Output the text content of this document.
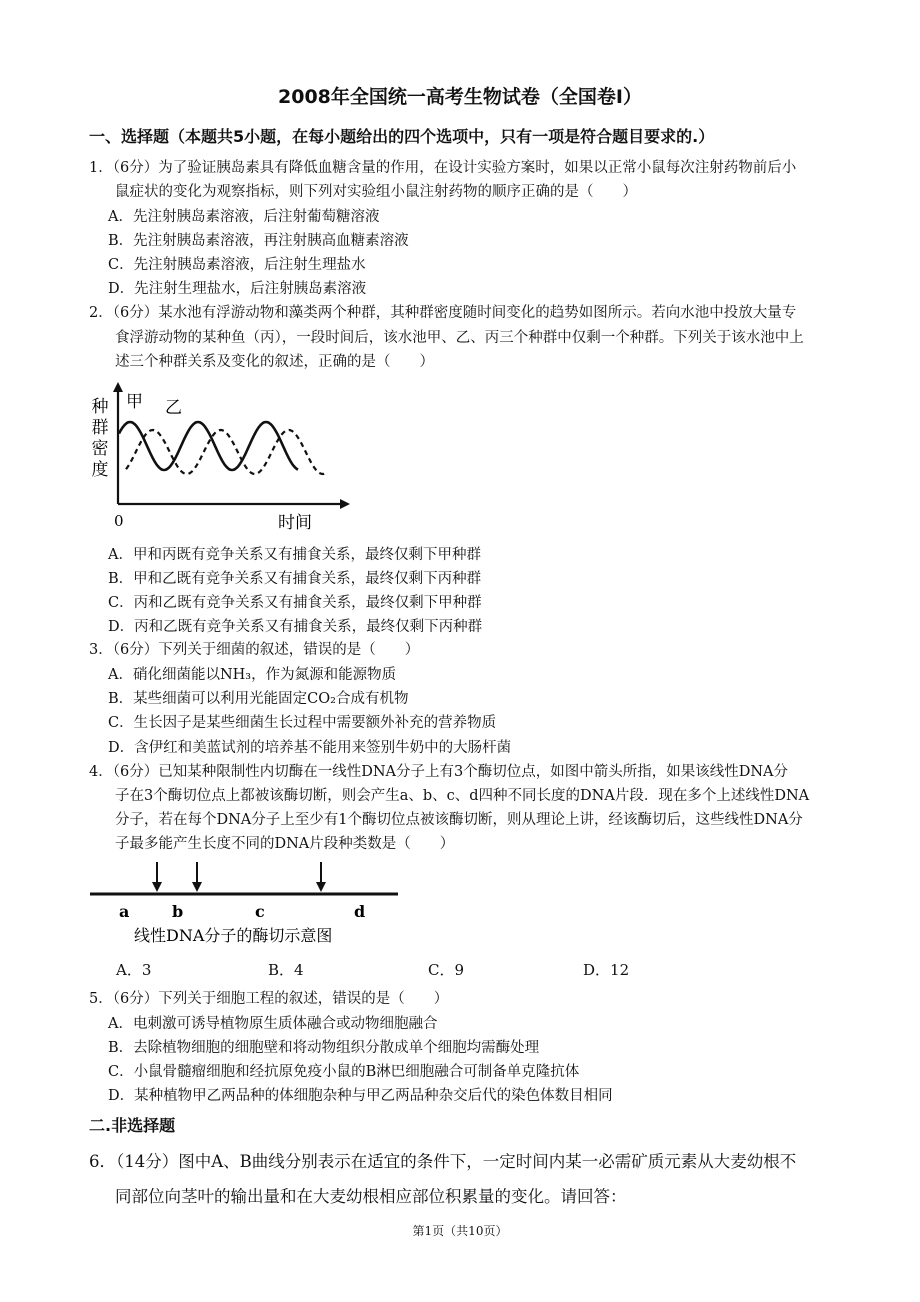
2008年全国统一高考生物试卷（全国卷Ⅰ）
一、选择题（本题共5小题，在每小题给出的四个选项中，只有一项是符合题目要求的.）
1．（6分）为了验证胰岛素具有降低血糖含量的作用，在设计实验方案时，如果以正常小鼠每次注射药物前后小
鼠症状的变化为观察指标，则下列对实验组小鼠注射药物的顺序正确的是（　　）
A．先注射胰岛素溶液，后注射葡萄糖溶液
B．先注射胰岛素溶液，再注射胰高血糖素溶液
C．先注射胰岛素溶液，后注射生理盐水
D．先注射生理盐水，后注射胰岛素溶液
2．（6分）某水池有浮游动物和藻类两个种群，其种群密度随时间变化的趋势如图所示。若向水池中投放大量专
食浮游动物的某种鱼（丙），一段时间后，该水池甲、乙、丙三个种群中仅剩一个种群。下列关于该水池中上
述三个种群关系及变化的叙述，正确的是（　　）
种
群
密
度
0	时间
甲 乙
A．甲和丙既有竞争关系又有捕食关系，最终仅剩下甲种群
B．甲和乙既有竞争关系又有捕食关系，最终仅剩下丙种群
C．丙和乙既有竞争关系又有捕食关系，最终仅剩下甲种群
D．丙和乙既有竞争关系又有捕食关系，最终仅剩下丙种群
3．（6分）下列关于细菌的叙述，错误的是（　　）
A．硝化细菌能以NH₃，作为氮源和能源物质
B．某些细菌可以利用光能固定CO₂合成有机物
C．生长因子是某些细菌生长过程中需要额外补充的营养物质
D．含伊红和美蓝试剂的培养基不能用来签别牛奶中的大肠杆菌
4．（6分）已知某种限制性内切酶在一线性DNA分子上有3个酶切位点，如图中箭头所指，如果该线性DNA分
子在3个酶切位点上都被该酶切断，则会产生a、b、c、d四种不同长度的DNA片段．现在多个上述线性DNA
分子，若在每个DNA分子上至少有1个酶切位点被该酶切断，则从理论上讲，经该酶切后，这些线性DNA分
子最多能产生长度不同的DNA片段种类数是（　　）
a	b	c	d
线性DNA分子的酶切示意图
A．3	B．4	C．9	D．12
5．（6分）下列关于细胞工程的叙述，错误的是（　　）
A．电刺激可诱导植物原生质体融合或动物细胞融合
B．去除植物细胞的细胞壁和将动物组织分散成单个细胞均需酶处理
C．小鼠骨髓瘤细胞和经抗原免疫小鼠的B淋巴细胞融合可制备单克隆抗体
D．某种植物甲乙两品种的体细胞杂种与甲乙两品种杂交后代的染色体数目相同
二.非选择题
6．（14分）图中A、B曲线分别表示在适宜的条件下，一定时间内某一必需矿质元素从大麦幼根不
同部位向茎叶的输出量和在大麦幼根相应部位积累量的变化。请回答：
第1页（共10页）
